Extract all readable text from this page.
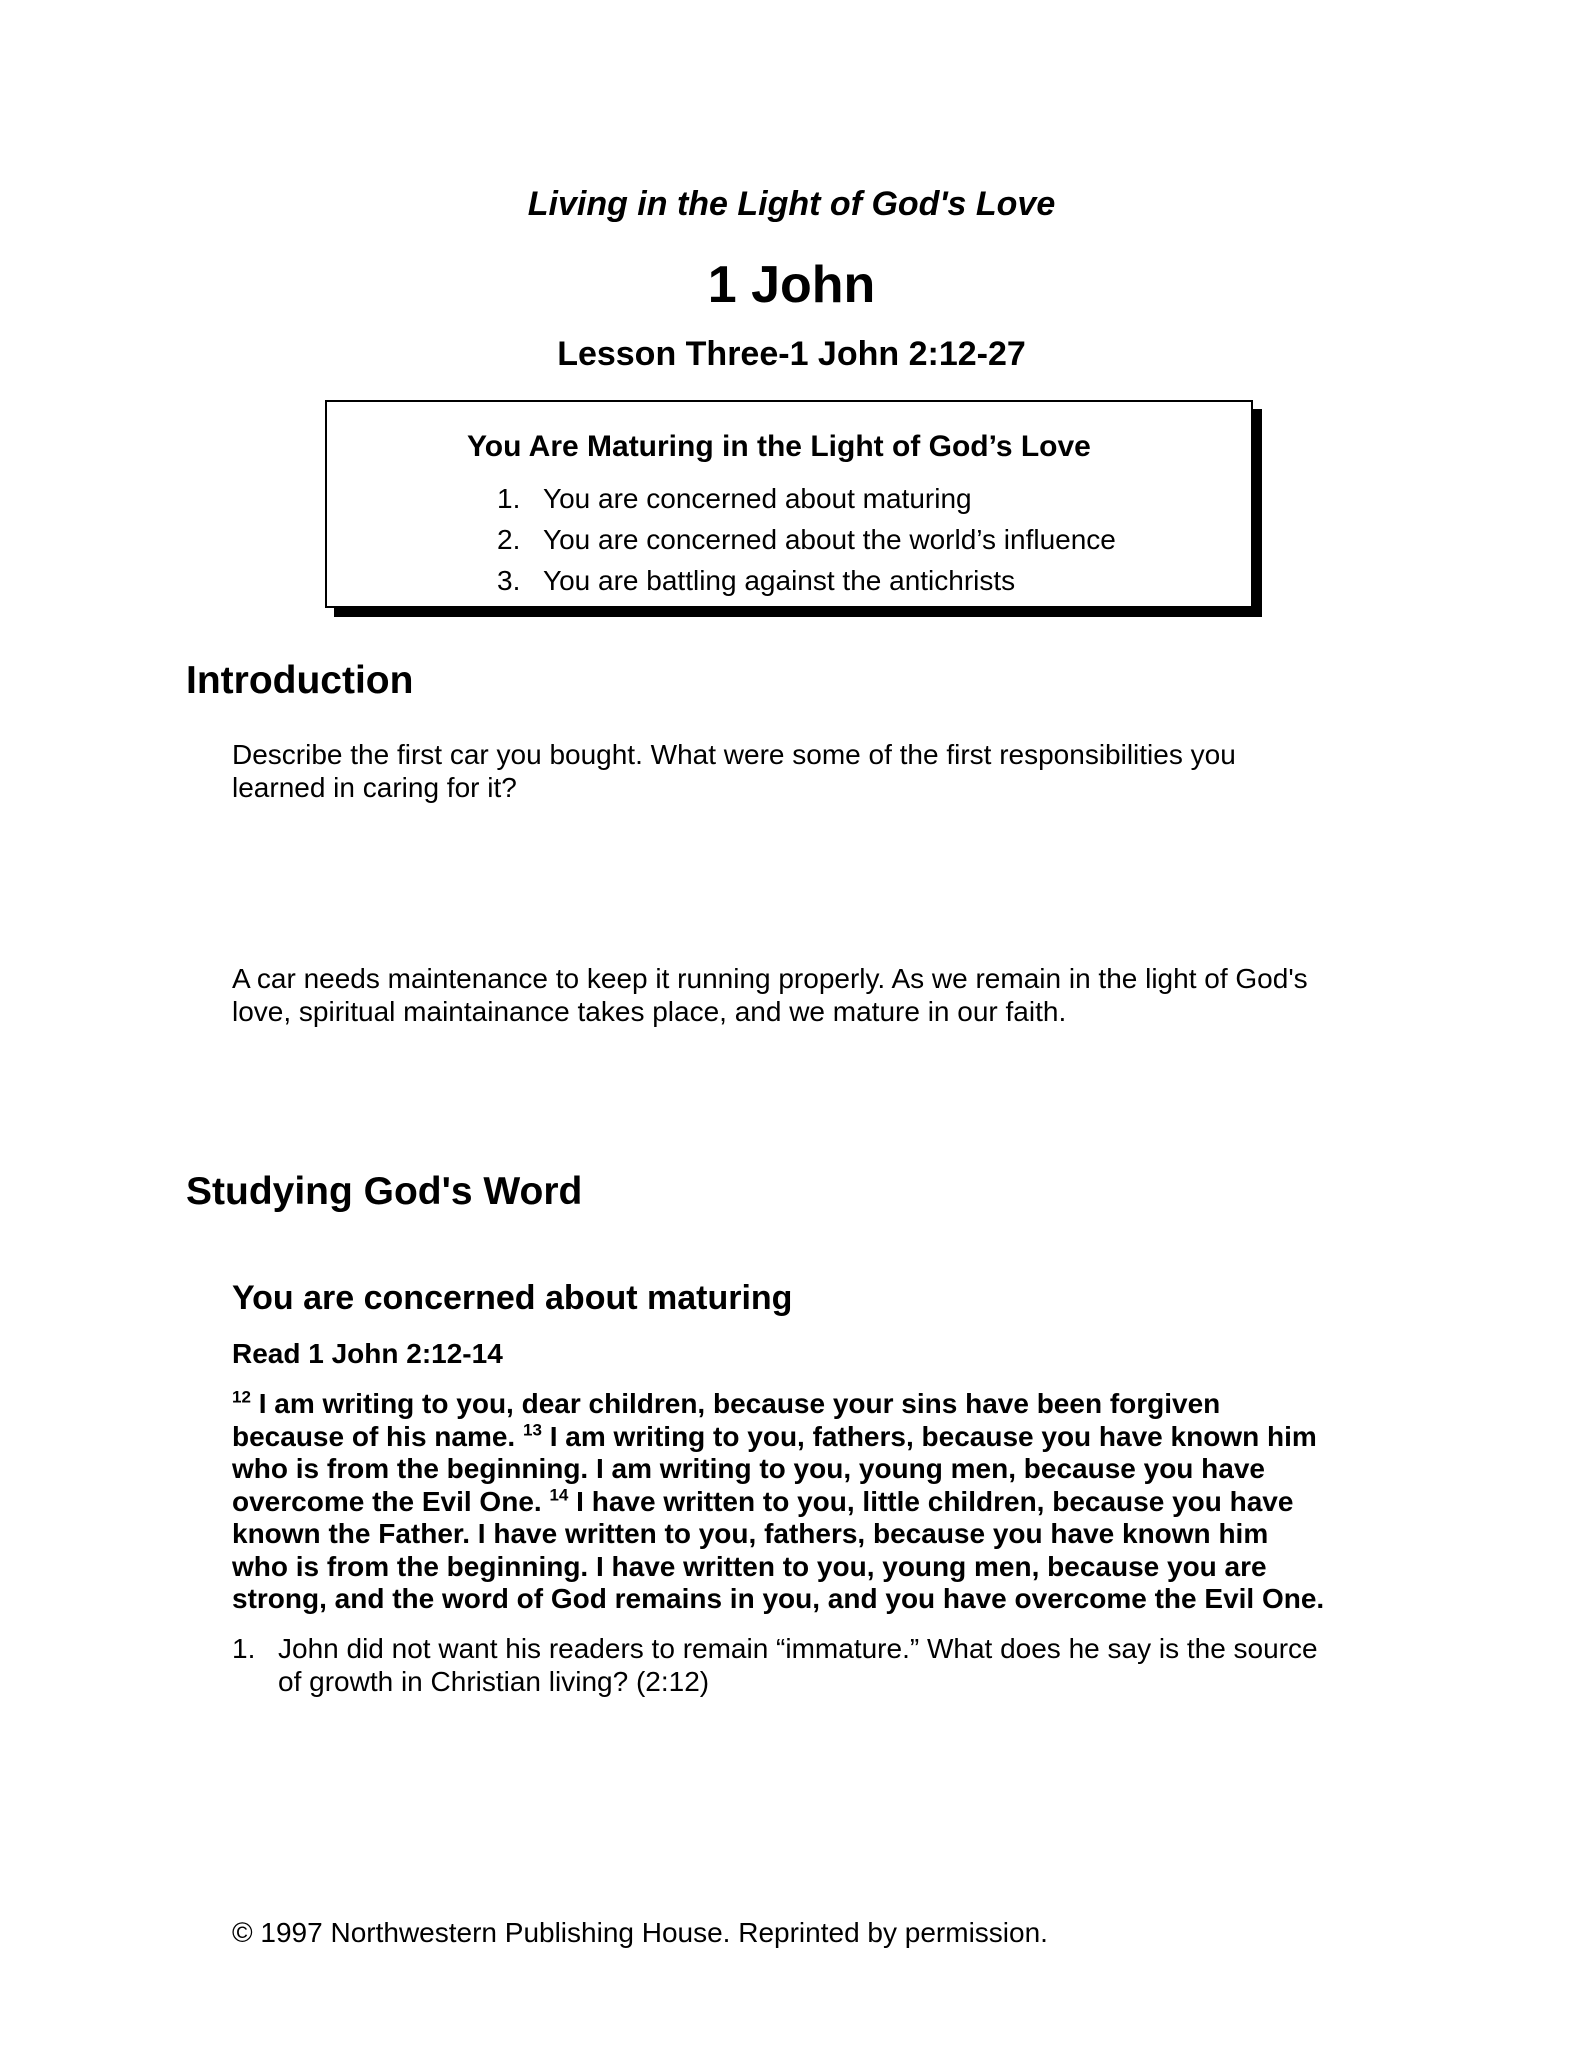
Living in the Light of God's Love
1 John
Lesson Three-1 John 2:12-27

You Are Maturing in the Light of God’s Love

1. You are concerned about maturing
2. You are concerned about the world’s influence
3. You are battling against the antichrists
Introduction

Describe the first car you bought. What were some of the first responsibilities you
learned in caring for it?

A car needs maintenance to keep it running properly. As we remain in the light of God's
love, spiritual maintainance takes place, and we mature in our faith.

Studying God's Word
You are concerned about maturing

Read 1 John 2:12-14

$^{12}$ I am writing to you, dear children, because your sins have been forgiven
because of his name. $^{13}$ I am writing to you, fathers, because you have known him
who is from the beginning. I am writing to you, young men, because you have
overcome the Evil One. $^{14}$ I have written to you, little children, because you have
known the Father. I have written to you, fathers, because you have known him
who is from the beginning. I have written to you, young men, because you are
strong, and the word of God remains in you, and you have overcome the Evil One.
1. John did not want his readers to remain “immature.” What does he say is the source
of growth in Christian living? (2:12)

© 1997 Northwestern Publishing House. Reprinted by permission.
